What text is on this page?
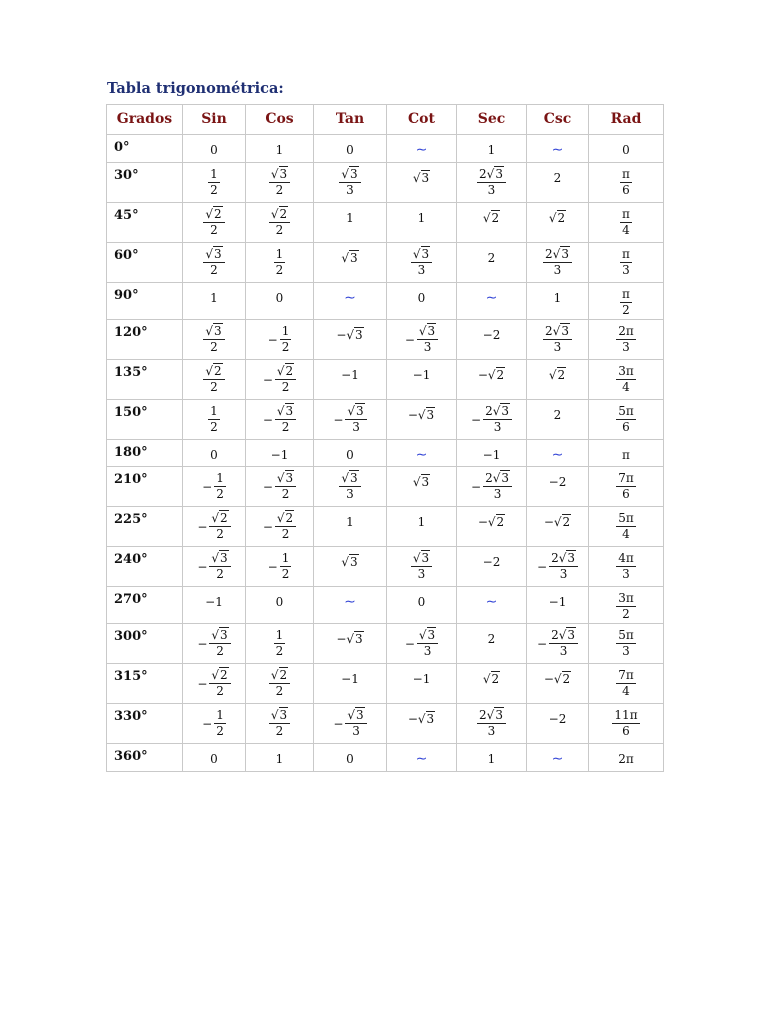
Tabla trigonométrica:
Grados	Sin	Cos	Tan	Cot	Sec	Csc	Rad
0°	0	1	0	∼	1	∼	0
30°	$\frac{1}{2}$	$\frac{√3}{2}$	$\frac{√3}{3}$	√3	$\frac{2√3}{3}$	2	$\frac{\pi}{6}$

45°	$\frac{√2}{2}$	$\frac{√2}{2}$	1	1	√2	√2	$\frac{\pi}{4}$

60°	$\frac{√3}{2}$	$\frac{1}{2}$	√3	$\frac{√3}{3}$	2	$\frac{2√3}{3}$	$\frac{\pi}{3}$

90°	1	0	∼	0	∼	1	$\frac{\pi}{2}$

120°	$\frac{√3}{2}$	− $\frac{1}{2}$	−√3	− $\frac{√3}{3}$	−2	$\frac{2√3}{3}$	$\frac{2\pi}{3}$

135°	$\frac{√2}{2}$	− $\frac{√2}{2}$	−1	−1	−√2	√2	$\frac{3\pi}{4}$

150°	$\frac{1}{2}$	− $\frac{√3}{2}$	− $\frac{√3}{3}$	−√3	− $\frac{2√3}{3}$	2	$\frac{5\pi}{6}$

180°	0	−1	0	∼	−1	∼	π
210°	− $\frac{1}{2}$	− $\frac{√3}{2}$	$\frac{√3}{3}$	√3	− $\frac{2√3}{3}$	−2	$\frac{7\pi}{6}$

225°	− $\frac{√2}{2}$	− $\frac{√2}{2}$	1	1	−√2	−√2	$\frac{5\pi}{4}$

240°	− $\frac{√3}{2}$	− $\frac{1}{2}$	√3	$\frac{√3}{3}$	−2	− $\frac{2√3}{3}$	$\frac{4\pi}{3}$

270°	−1	0	∼	0	∼	−1	$\frac{3\pi}{2}$

300°	− $\frac{√3}{2}$	$\frac{1}{2}$	−√3	− $\frac{√3}{3}$	2	− $\frac{2√3}{3}$	$\frac{5\pi}{3}$

315°	− $\frac{√2}{2}$	$\frac{√2}{2}$	−1	−1	√2	−√2	$\frac{7\pi}{4}$

330°	− $\frac{1}{2}$	$\frac{√3}{2}$	− $\frac{√3}{3}$	−√3	$\frac{2√3}{3}$	−2	$\frac{11\pi}{6}$

360°	0	1	0	∼	1	∼	2π
